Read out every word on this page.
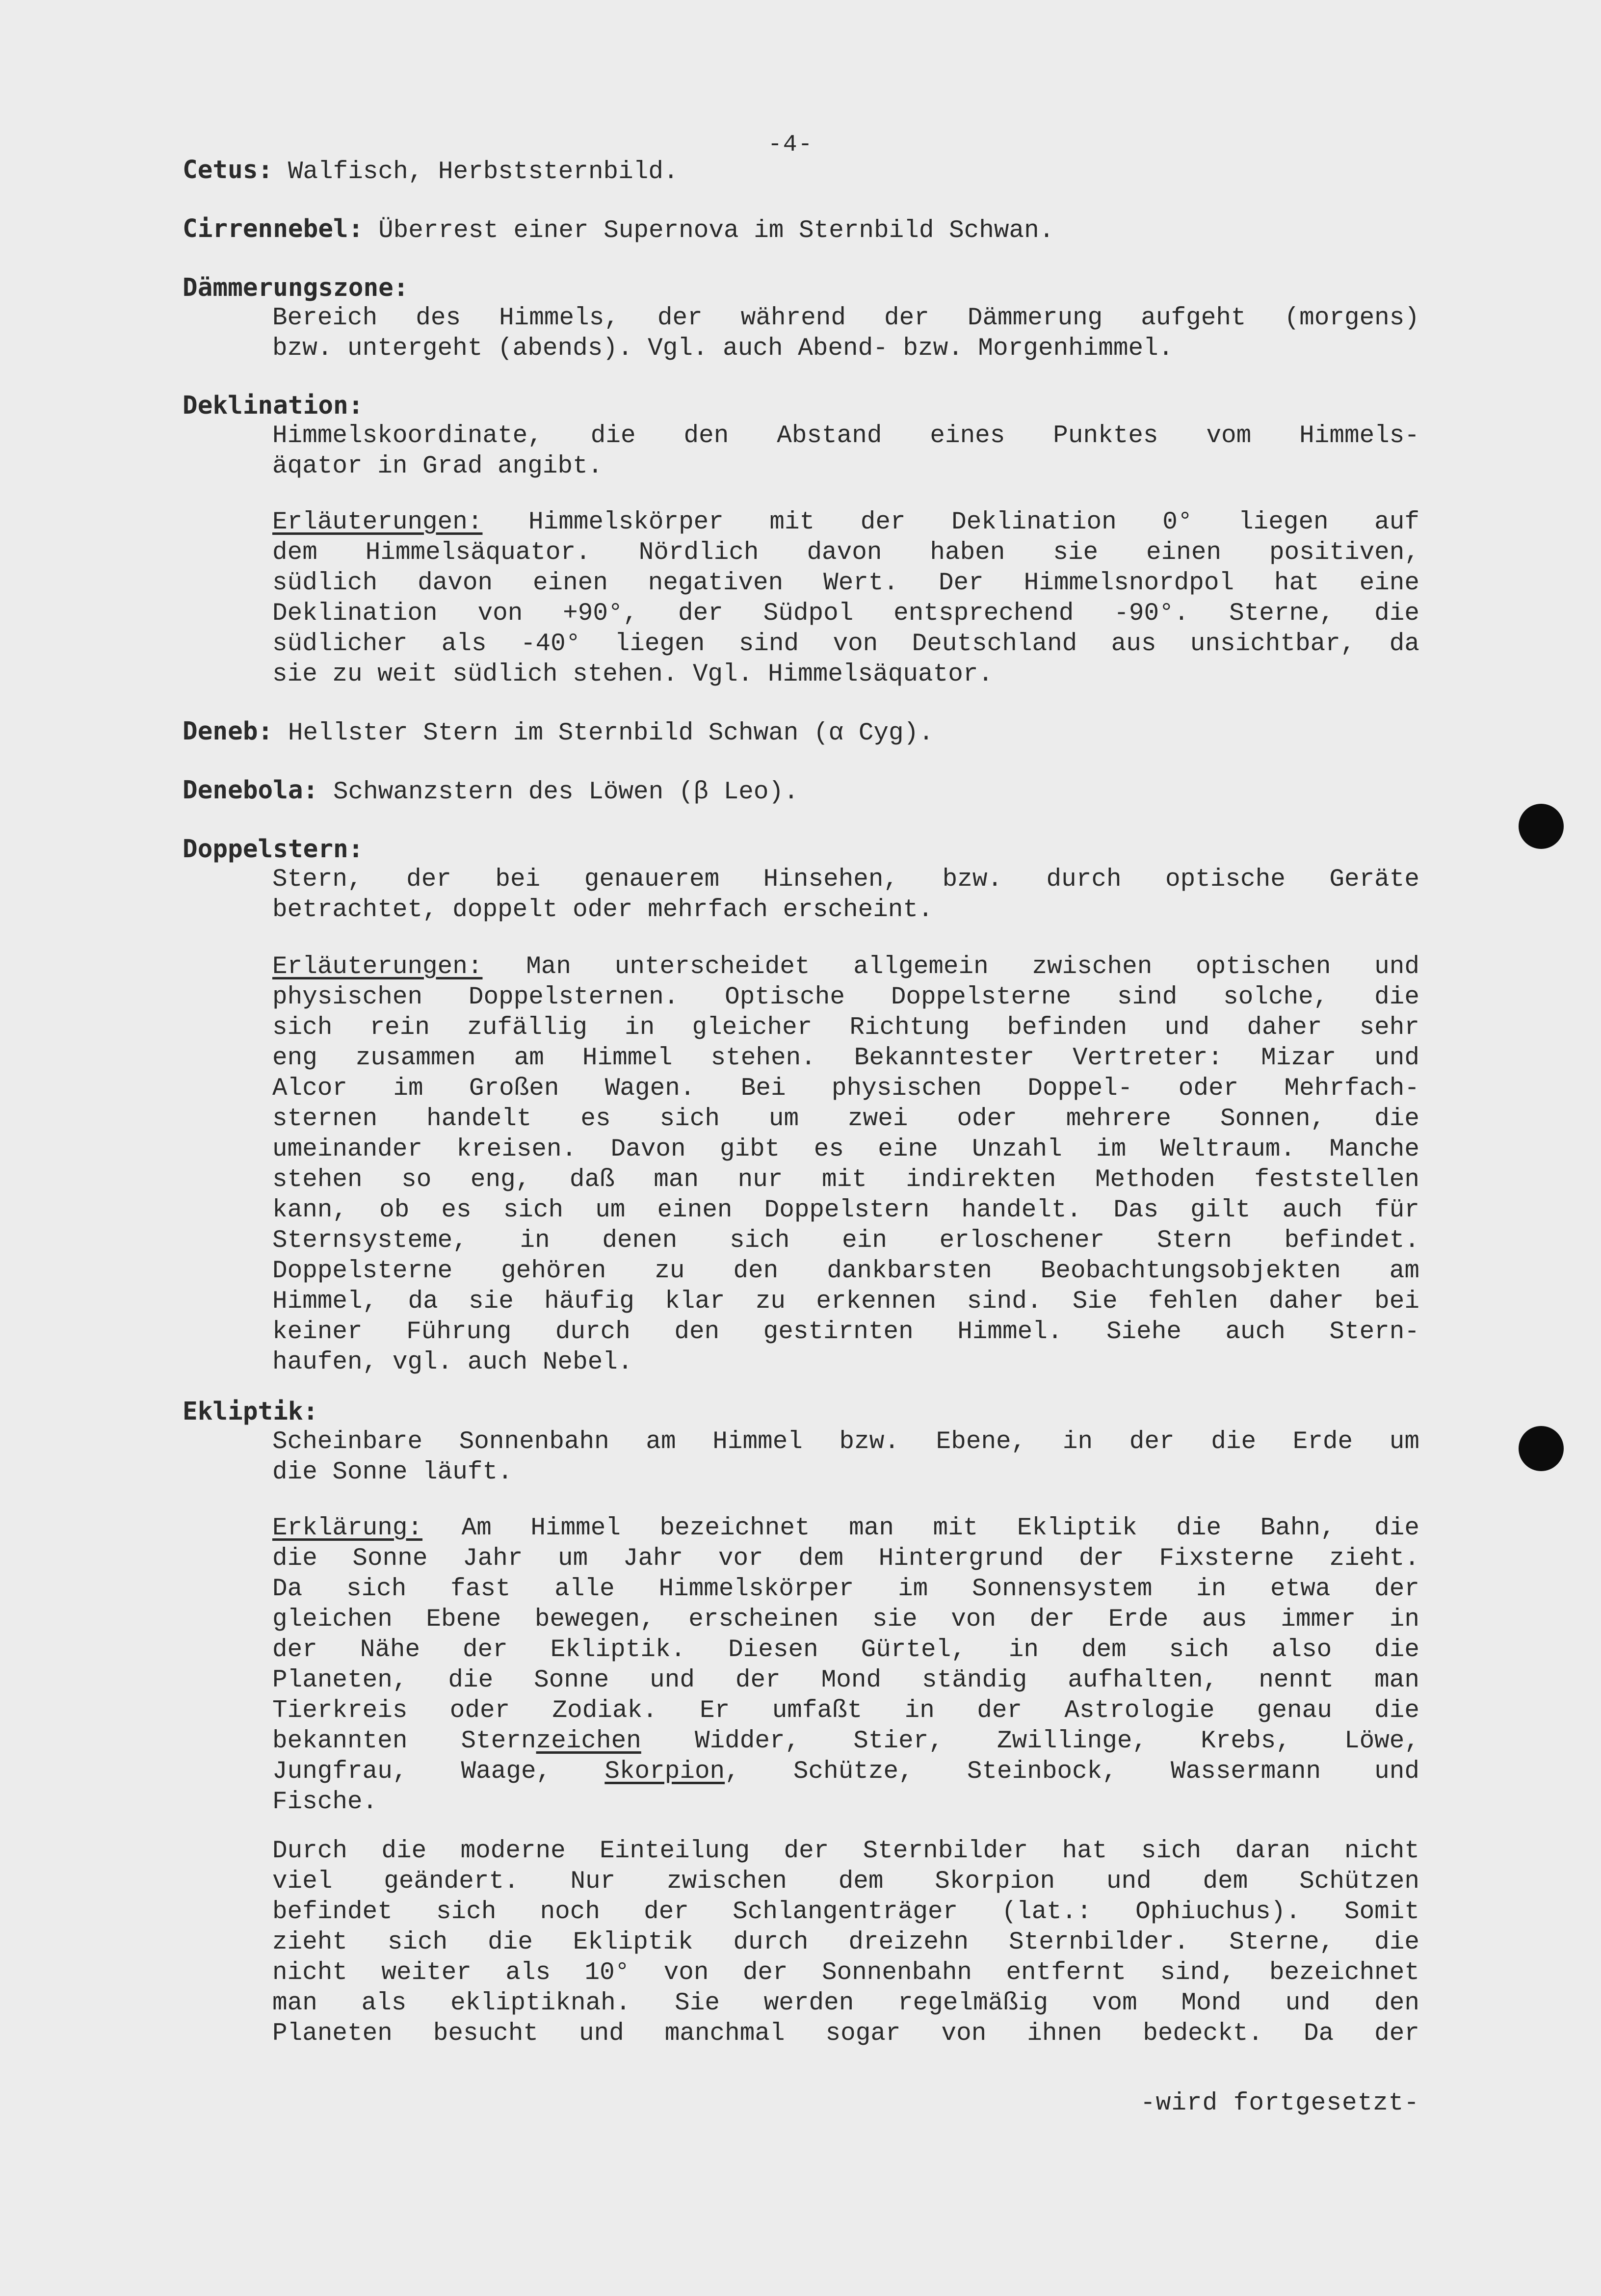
-4-
Cetus: Walfisch, Herbststernbild.
Cirrennebel: Überrest einer Supernova im Sternbild Schwan.
Dämmerungszone:
Bereich des Himmels, der während der Dämmerung aufgeht (morgens)
bzw. untergeht (abends). Vgl. auch Abend- bzw. Morgenhimmel.
Deklination:
Himmelskoordinate, die den Abstand eines Punktes vom Himmels-
äqator in Grad angibt.
Erläuterungen: Himmelskörper mit der Deklination 0° liegen auf
dem Himmelsäquator. Nördlich davon haben sie einen positiven,
südlich davon einen negativen Wert. Der Himmelsnordpol hat eine
Deklination von +90°, der Südpol entsprechend -90°. Sterne, die
südlicher als -40° liegen sind von Deutschland aus unsichtbar, da
sie zu weit südlich stehen. Vgl. Himmelsäquator.
Deneb: Hellster Stern im Sternbild Schwan (α Cyg).
Denebola: Schwanzstern des Löwen (β Leo).
Doppelstern:
Stern, der bei genauerem Hinsehen, bzw. durch optische Geräte
betrachtet, doppelt oder mehrfach erscheint.
Erläuterungen: Man unterscheidet allgemein zwischen optischen und
physischen Doppelsternen. Optische Doppelsterne sind solche, die
sich rein zufällig in gleicher Richtung befinden und daher sehr
eng zusammen am Himmel stehen. Bekanntester Vertreter: Mizar und
Alcor im Großen Wagen. Bei physischen Doppel- oder Mehrfach-
sternen handelt es sich um zwei oder mehrere Sonnen, die
umeinander kreisen. Davon gibt es eine Unzahl im Weltraum. Manche
stehen so eng, daß man nur mit indirekten Methoden feststellen
kann, ob es sich um einen Doppelstern handelt. Das gilt auch für
Sternsysteme, in denen sich ein erloschener Stern befindet.
Doppelsterne gehören zu den dankbarsten Beobachtungsobjekten am
Himmel, da sie häufig klar zu erkennen sind. Sie fehlen daher bei
keiner Führung durch den gestirnten Himmel. Siehe auch Stern-
haufen, vgl. auch Nebel.
Ekliptik:
Scheinbare Sonnenbahn am Himmel bzw. Ebene, in der die Erde um
die Sonne läuft.
Erklärung: Am Himmel bezeichnet man mit Ekliptik die Bahn, die
die Sonne Jahr um Jahr vor dem Hintergrund der Fixsterne zieht.
Da sich fast alle Himmelskörper im Sonnensystem in etwa der
gleichen Ebene bewegen, erscheinen sie von der Erde aus immer in
der Nähe der Ekliptik. Diesen Gürtel, in dem sich also die
Planeten, die Sonne und der Mond ständig aufhalten, nennt man
Tierkreis oder Zodiak. Er umfaßt in der Astrologie genau die
bekannten Sternzeichen Widder, Stier, Zwillinge, Krebs, Löwe,
Jungfrau, Waage, Skorpion, Schütze, Steinbock, Wassermann und
Fische.
Durch die moderne Einteilung der Sternbilder hat sich daran nicht
viel geändert. Nur zwischen dem Skorpion und dem Schützen
befindet sich noch der Schlangenträger (lat.: Ophiuchus). Somit
zieht sich die Ekliptik durch dreizehn Sternbilder. Sterne, die
nicht weiter als 10° von der Sonnenbahn entfernt sind, bezeichnet
man als ekliptiknah. Sie werden regelmäßig vom Mond und den
Planeten besucht und manchmal sogar von ihnen bedeckt. Da der
-wird fortgesetzt-
